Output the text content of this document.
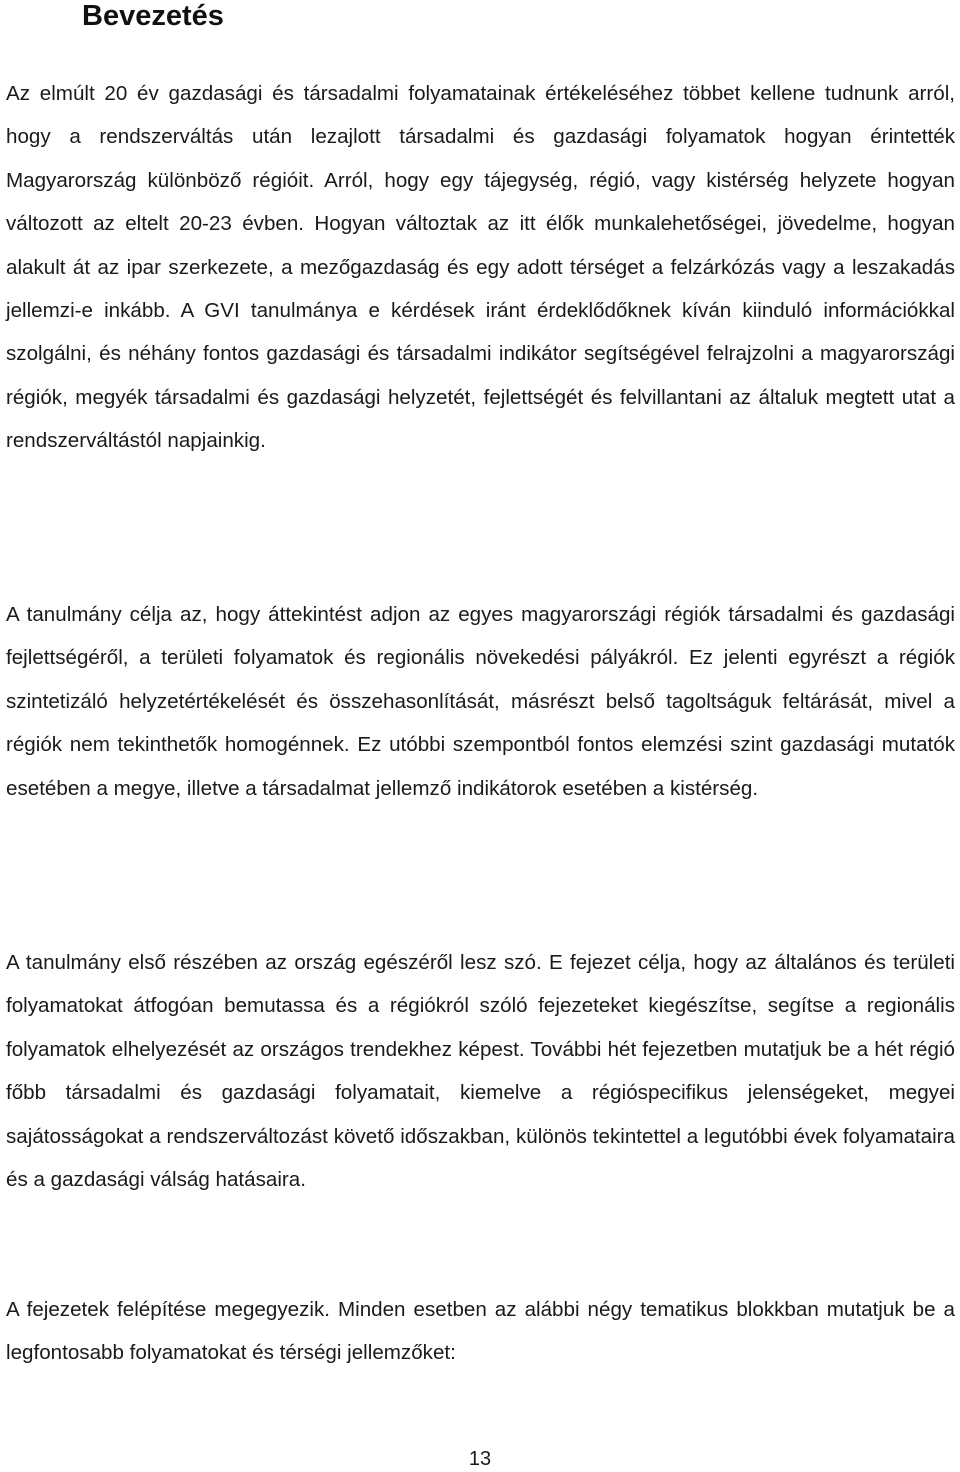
Bevezetés

Az elmúlt 20 év gazdasági és társadalmi folyamatainak értékeléséhez többet kellene tudnunk arról, hogy a rendszerváltás után lezajlott társadalmi és gazdasági folyamatok hogyan érintették Magyarország különböző régióit. Arról, hogy egy tájegység, régió, vagy kistérség helyzete hogyan változott az eltelt 20-23 évben. Hogyan változtak az itt élők munkalehetőségei, jövedelme, hogyan alakult át az ipar szerkezete, a mezőgazdaság és egy adott térséget a felzárkózás vagy a leszakadás jellemzi-e inkább. A GVI tanulmánya e kérdések iránt érdeklődőknek kíván kiinduló információkkal szolgálni, és néhány fontos gazdasági és társadalmi indikátor segítségével felrajzolni a magyarországi régiók, megyék társadalmi és gazdasági helyzetét, fejlettségét és felvillantani az általuk megtett utat a rendszerváltástól napjainkig.

A tanulmány célja az, hogy áttekintést adjon az egyes magyarországi régiók társadalmi és gazdasági fejlettségéről, a területi folyamatok és regionális növekedési pályákról. Ez jelenti egyrészt a régiók szintetizáló helyzetértékelését és összehasonlítását, másrészt belső tagoltságuk feltárását, mivel a régiók nem tekinthetők homogénnek. Ez utóbbi szempontból fontos elemzési szint gazdasági mutatók esetében a megye, illetve a társadalmat jellemző indikátorok esetében a kistérség.

A tanulmány első részében az ország egészéről lesz szó. E fejezet célja, hogy az általános és területi folyamatokat átfogóan bemutassa és a régiókról szóló fejezeteket kiegészítse, segítse a regionális folyamatok elhelyezését az országos trendekhez képest. További hét fejezetben mutatjuk be a hét régió főbb társadalmi és gazdasági folyamatait, kiemelve a régióspecifikus jelenségeket, megyei sajátosságokat a rendszerváltozást követő időszakban, különös tekintettel a legutóbbi évek folyamataira és a gazdasági válság hatásaira.

A fejezetek felépítése megegyezik. Minden esetben az alábbi négy tematikus blokkban mutatjuk be a legfontosabb folyamatokat és térségi jellemzőket:

13
